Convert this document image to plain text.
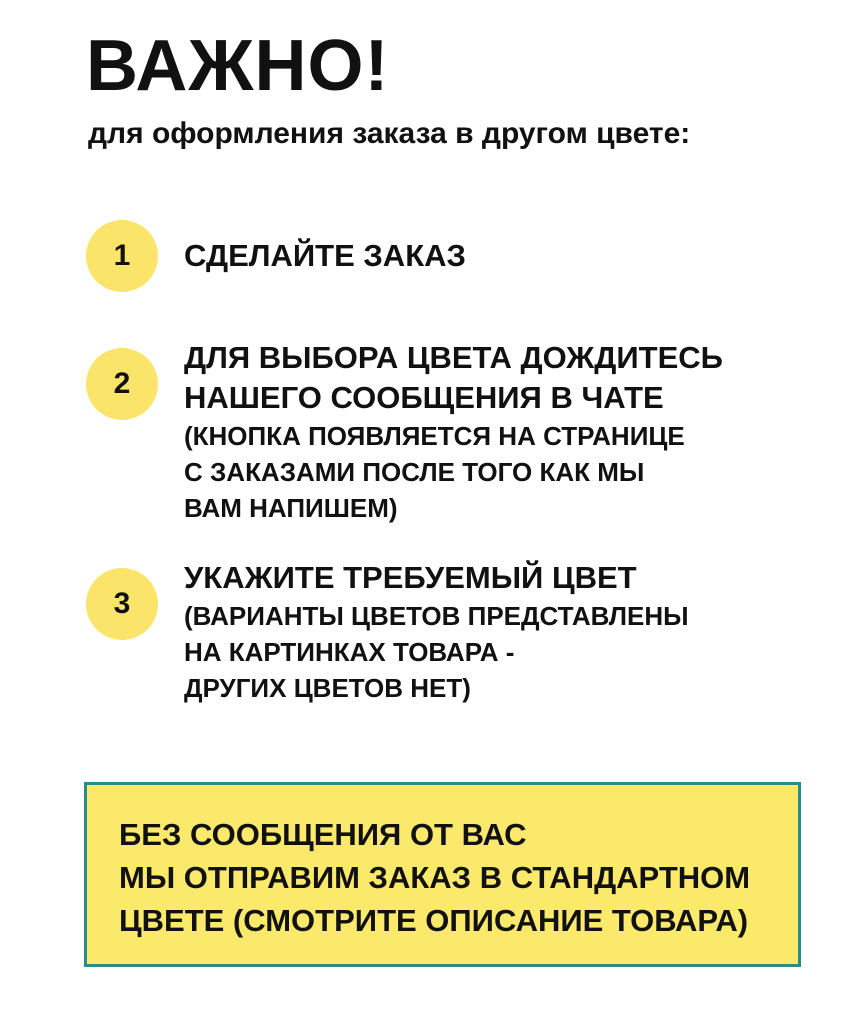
ВАЖНО!

для оформления заказа в другом цвете:

1	СДЕЛАЙТЕ ЗАКАЗ

2

ДЛЯ ВЫБОРА ЦВЕТА ДОЖДИТЕСЬ

НАШЕГО СООБЩЕНИЯ В ЧАТЕ

(КНОПКА ПОЯВЛЯЕТСЯ НА СТРАНИЦЕ

С ЗАКАЗАМИ ПОСЛЕ ТОГО КАК МЫ

ВАМ НАПИШЕМ)

3

УКАЖИТЕ ТРЕБУЕМЫЙ ЦВЕТ

(ВАРИАНТЫ ЦВЕТОВ ПРЕДСТАВЛЕНЫ

НА КАРТИНКАХ ТОВАРА -

ДРУГИХ ЦВЕТОВ НЕТ)

БЕЗ СООБЩЕНИЯ ОТ ВАС

МЫ ОТПРАВИМ ЗАКАЗ В СТАНДАРТНОМ

ЦВЕТЕ (СМОТРИТЕ ОПИСАНИЕ ТОВАРА)
